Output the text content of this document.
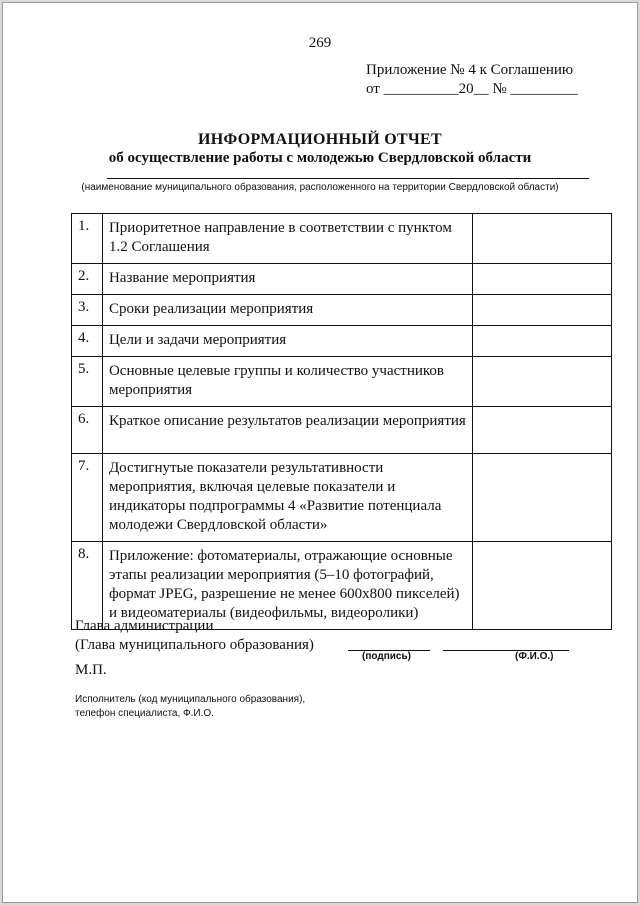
269
Приложение № 4 к Соглашению
от __________20__ № _________
ИНФОРМАЦИОННЫЙ ОТЧЕТ
об осуществление работы с молодежью Свердловской области
(наименование муниципального образования, расположенного на территории Свердловской области)
1.	Приоритетное направление в соответствии с пунктом 1.2 Соглашения	
2.	Название мероприятия	
3.	Сроки реализации мероприятия	
4.	Цели и задачи мероприятия	
5.	Основные целевые группы и количество участников мероприятия	
6.	Краткое описание результатов реализации мероприятия	
7.	Достигнутые показатели результативности мероприятия, включая целевые показатели и индикаторы подпрограммы 4 «Развитие потенциала молодежи Свердловской области»	
8.	Приложение: фотоматериалы, отражающие основные этапы реализации мероприятия (5–10 фотографий, формат JPEG, разрешение не менее 600x800 пикселей) и видеоматериалы (видеофильмы, видеоролики)	
Глава администрации
(Глава муниципального образования)
(подпись)	(Ф.И.О.)
М.П.
Исполнитель (код муниципального образования),
телефон специалиста, Ф.И.О.
